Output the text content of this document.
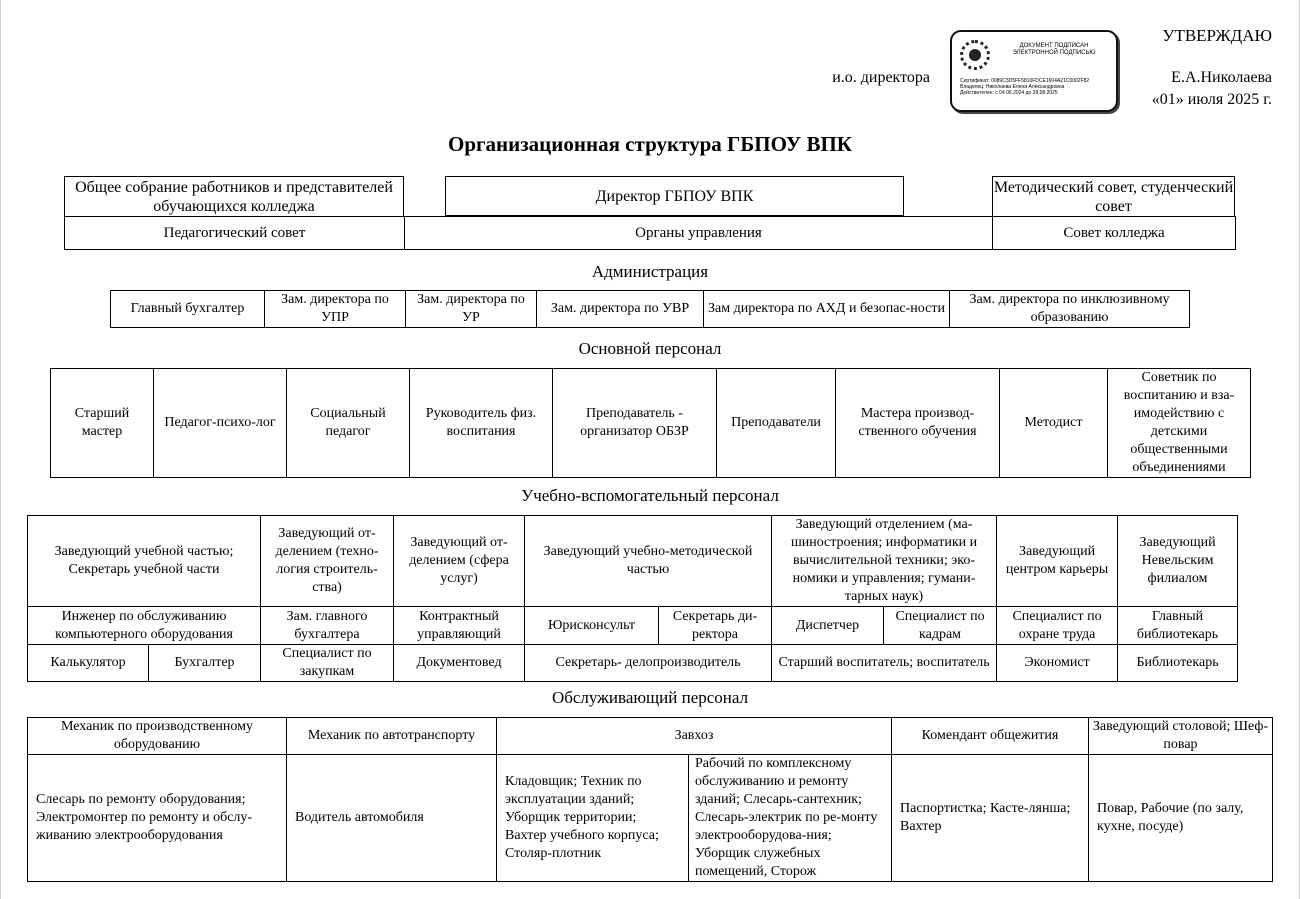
УТВЕРЖДАЮ
и.о. директора	Е.А.Николаева
«01» июля 2025 г.
ДОКУМЕНТ ПОДПИСАН
ЭЛЕКТРОННОЙ ПОДПИСЬЮ
Сертификат: 0089C3D5FF5810FDCE1604A21C0002F82
Владелец: Николаева Елена Александровна
Действителен: с 04.06.2024 до 28.08.2025
Организационная структура ГБПОУ ВПК
Общее собрание работников и представителей обучающихся колледжа
Директор ГБПОУ ВПК
Методический совет, студенческий совет
Педагогический совет	Органы управления	Совет колледжа
Администрация
Главный бухгалтер	Зам. директора по УПР	Зам. директора по УР	Зам. директора по УВР	Зам директора по АХД и безопас-ности	Зам. директора по инклюзивному образованию
Основной персонал
Старший мастер	Педагог-психо-лог	Социальный педагог	Руководитель физ. воспитания	Преподаватель - организатор ОБЗР	Преподаватели	Мастера производ-ственного обучения	Методист	Советник по воспитанию и вза-имодействию с детскими общественными объединениями
Учебно-вспомогательный персонал
Заведующий учебной частью; Секретарь учебной части		Заведующий от-делением (техно-логия строитель-ства)	Заведующий от-делением (сфера услуг)	Заведующий учебно-методической частью		Заведующий отделением (ма-шиностроения; информатики и вычислительной техники; эко-номики и управления; гумани-тарных наук)		Заведующий центром карьеры	Заведующий Невельским филиалом
Инженер по обслуживанию компьютерного оборудования		Зам. главного бухгалтера	Контрактный управляющий	Юрисконсульт	Секретарь ди-ректора	Диспетчер	Специалист по кадрам	Специалист по охране труда	Главный библиотекарь
Калькулятор	Бухгалтер	Специалист по закупкам	Документовед	Секретарь- делопроизводитель		Старший воспитатель; воспитатель		Экономист	Библиотекарь
Обслуживающий персонал
Механик по производственному оборудованию	Механик по автотранспорту	Завхоз		Комендант общежития	Заведующий столовой; Шеф-повар
Слесарь по ремонту оборудования; Электромонтер по ремонту и обслу-живанию электрооборудования	Водитель автомобиля	Кладовщик; Техник по эксплуатации зданий; Уборщик территории; Вахтер учебного корпуса; Столяр-плотник	Рабочий по комплексному обслуживанию и ремонту зданий; Слесарь-сантехник; Слесарь-электрик по ре-монту электрооборудова-ния; Уборщик служебных помещений, Сторож	Паспортистка; Касте-лянша; Вахтер	Повар, Рабочие (по залу, кухне, посуде)
